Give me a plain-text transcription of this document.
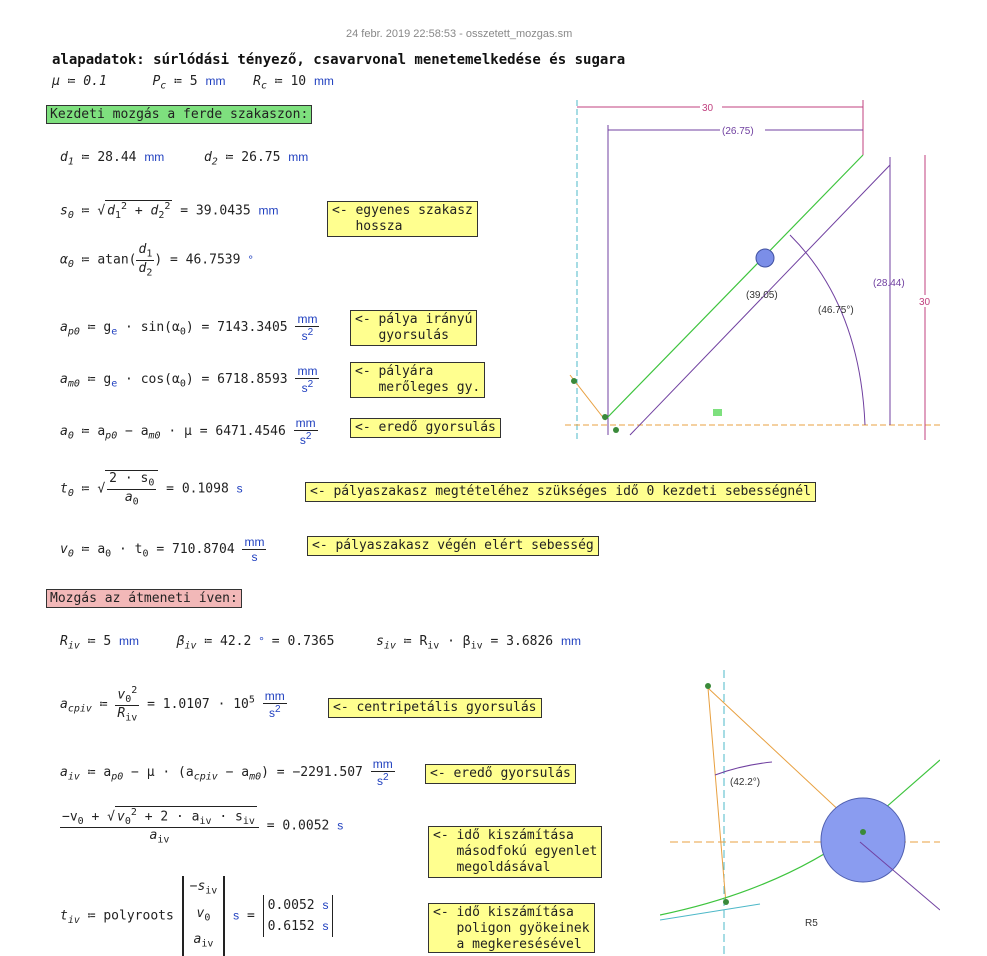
24 febr. 2019 22:58:53 - osszetett_mozgas.sm
alapadatok: súrlódási tényező, csavarvonal menetemelkedése és sugara
μ ≔ 0.1	$P_c$ ≔ 5 mm $R_c$ ≔ 10 mm
Kezdeti mozgás a ferde szakaszon:
$d_1$ ≔ 28.44 mm	$d_2$ ≔ 26.75 mm
$s_0$ ≔ √ $d_1^2 + d_2^2 = 39.0435$ mm	<- egyenes szakasz
hossza
$\alpha_0$ ≔ $atan( \frac{d_1}{d_2}$ ) = 46.7539 °
$a_{p0}$ ≔ $g_e \cdot \sin(\alpha_0) = 7143.3405 \frac{mm}{s^2}$	<- pálya irányú
gyorsulás
$a_{m0}$ ≔ $g_e \cdot \cos(\alpha_0) = 6718.8593 \frac{mm}{s^2}$	<- pályára
merőleges gy.
$a_0$ ≔ $a_{p0} - a_{m0} \cdot \mu = 6471.4546 \frac{mm}{s^2}$	<- eredő gyorsulás
$t_0$ ≔ √ $\frac{2 \cdot s_0}{a_0} = 0.1098$ s	<- pályaszakasz megtételéhez szükséges idő 0 kezdeti sebességnél
$v_0$ ≔ $a_0 \cdot t_0 = 710.8704 \frac{mm}{s}$	<- pályaszakasz végén elért sebesség
Mozgás az átmeneti íven:
$R_{iv}$ ≔ 5 mm	$\beta_{iv}$ ≔ 42.2 ° = 0.7365	$s_{iv}$ ≔ $R_{iv} \cdot \beta_{iv} = 3.6826$ mm
$a_{cpiv}$ ≔ $\frac{v_0^2}{R_{iv}} = 1.0107 \cdot 10^5 \frac{mm}{s^2}$	<- centripetális gyorsulás
$a_{iv}$ ≔ $a_{p0} - \mu \cdot (a_{cpiv} - a_{m0}) = -2291.507 \frac{mm}{s^2}$	<- eredő gyorsulás
$\frac{-v_0 + √ v_0^2 + 2 \cdot a_{iv} \cdot s_{iv}}{a_{iv}} = 0.0052$ s
<- idő kiszámítása
másodfokú egyenlet
megoldásával
$t_{iv}$ ≔ polyroots
$-s_{iv}$
$v_0$
$a_{iv}$
s =
0.0052 s
0.6152 s
<- idő kiszámítása
poligon gyökeinek
a megkeresésével
30
(26.75)
(39.05)
(46.75°)
(28.44)
30
(42.2°)
R5
